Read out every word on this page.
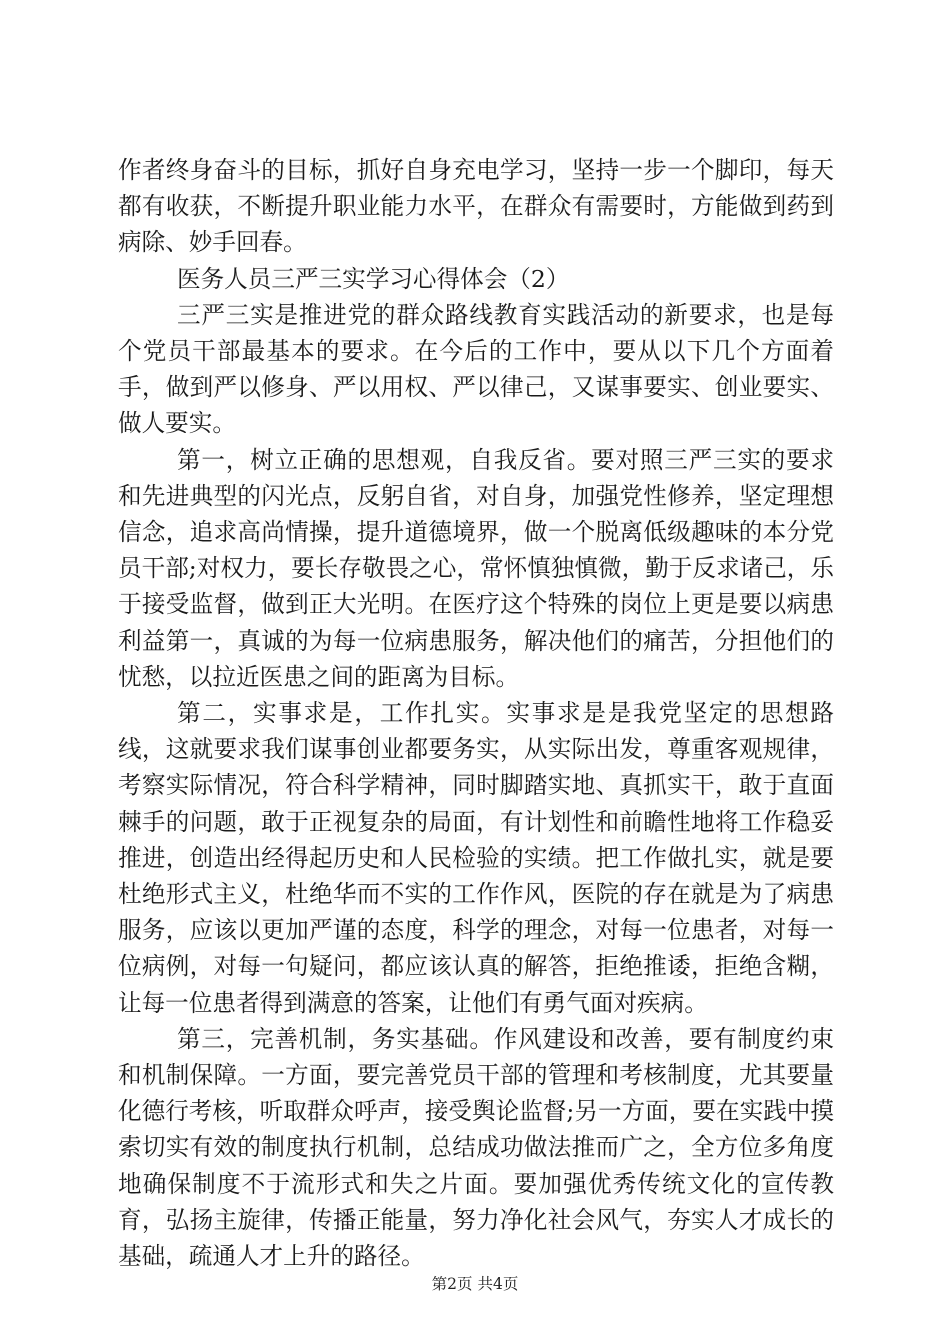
作者终身奋斗的目标，抓好自身充电学习，坚持一步一个脚印，每天都有收获，不断提升职业能力水平，在群众有需要时，方能做到药到病除、妙手回春。

医务人员三严三实学习心得体会（2）

三严三实是推进党的群众路线教育实践活动的新要求，也是每个党员干部最基本的要求。在今后的工作中，要从以下几个方面着手，做到严以修身、严以用权、严以律己，又谋事要实、创业要实、做人要实。

第一，树立正确的思想观，自我反省。要对照三严三实的要求和先进典型的闪光点，反躬自省，对自身，加强党性修养，坚定理想信念，追求高尚情操，提升道德境界，做一个脱离低级趣味的本分党员干部;对权力，要长存敬畏之心，常怀慎独慎微，勤于反求诸己，乐于接受监督，做到正大光明。在医疗这个特殊的岗位上更是要以病患利益第一，真诚的为每一位病患服务，解决他们的痛苦，分担他们的忧愁，以拉近医患之间的距离为目标。

第二，实事求是，工作扎实。实事求是是我党坚定的思想路线，这就要求我们谋事创业都要务实，从实际出发，尊重客观规律，考察实际情况，符合科学精神，同时脚踏实地、真抓实干，敢于直面棘手的问题，敢于正视复杂的局面，有计划性和前瞻性地将工作稳妥推进，创造出经得起历史和人民检验的实绩。把工作做扎实，就是要杜绝形式主义，杜绝华而不实的工作作风，医院的存在就是为了病患服务，应该以更加严谨的态度，科学的理念，对每一位患者，对每一位病例，对每一句疑问，都应该认真的解答，拒绝推诿，拒绝含糊，让每一位患者得到满意的答案，让他们有勇气面对疾病。

第三，完善机制，务实基础。作风建设和改善，要有制度约束和机制保障。一方面，要完善党员干部的管理和考核制度，尤其要量化德行考核，听取群众呼声，接受舆论监督;另一方面，要在实践中摸索切实有效的制度执行机制，总结成功做法推而广之，全方位多角度地确保制度不于流形式和失之片面。要加强优秀传统文化的宣传教育，弘扬主旋律，传播正能量，努力净化社会风气，夯实人才成长的基础，疏通人才上升的路径。

第2页 共4页
